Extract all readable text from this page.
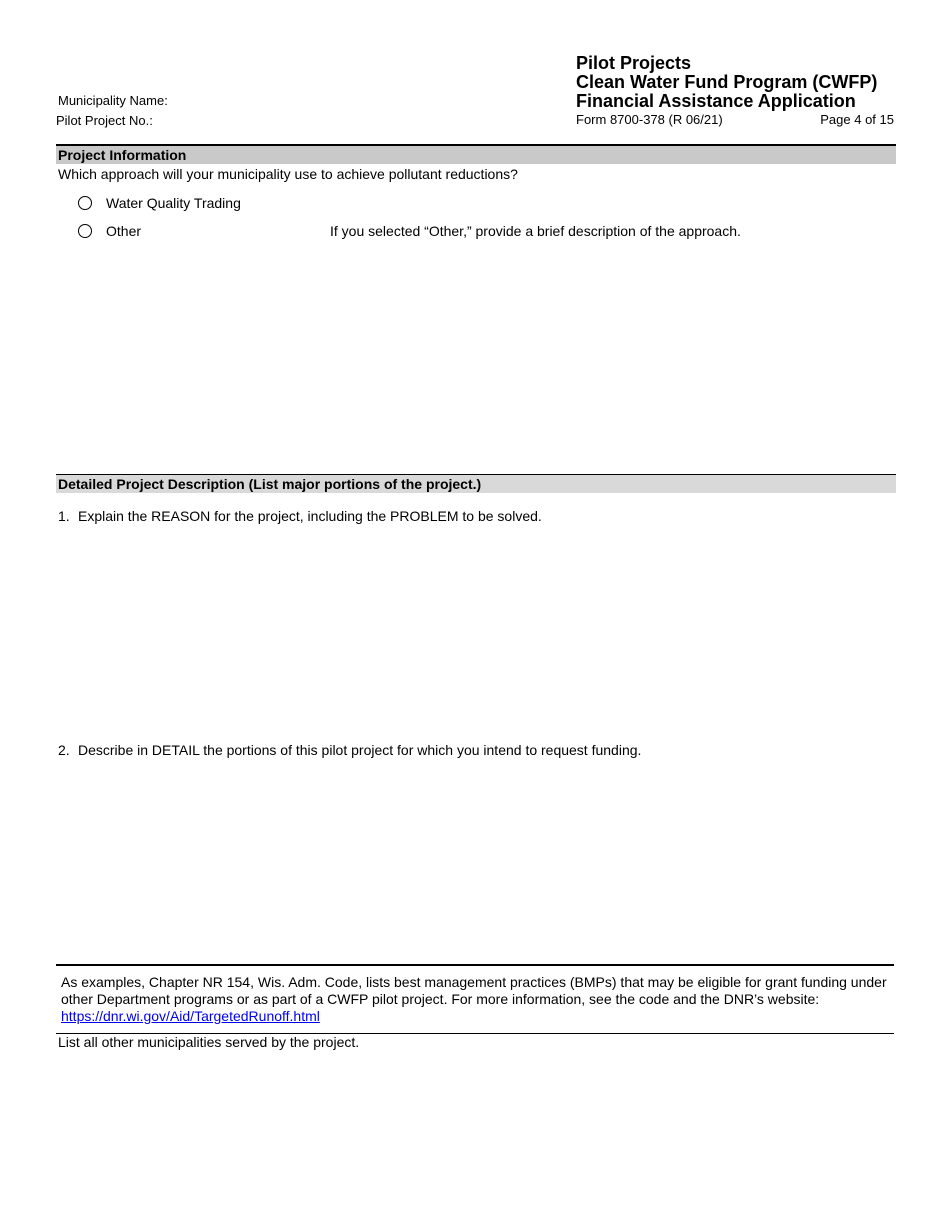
Pilot Projects
Clean Water Fund Program (CWFP)
Financial Assistance Application
Form 8700-378 (R 06/21)	Page 4 of 15
Municipality Name:
Pilot Project No.:
Project Information
Which approach will your municipality use to achieve pollutant reductions?
Water Quality Trading
Other	If you selected “Other,” provide a brief description of the approach.
Detailed Project Description (List major portions of the project.)
1. Explain the REASON for the project, including the PROBLEM to be solved.
2. Describe in DETAIL the portions of this pilot project for which you intend to request funding.
As examples, Chapter NR 154, Wis. Adm. Code, lists best management practices (BMPs) that may be eligible for grant funding under other Department programs or as part of a CWFP pilot project. For more information, see the code and the DNR’s website:
https://dnr.wi.gov/Aid/TargetedRunoff.html
List all other municipalities served by the project.
